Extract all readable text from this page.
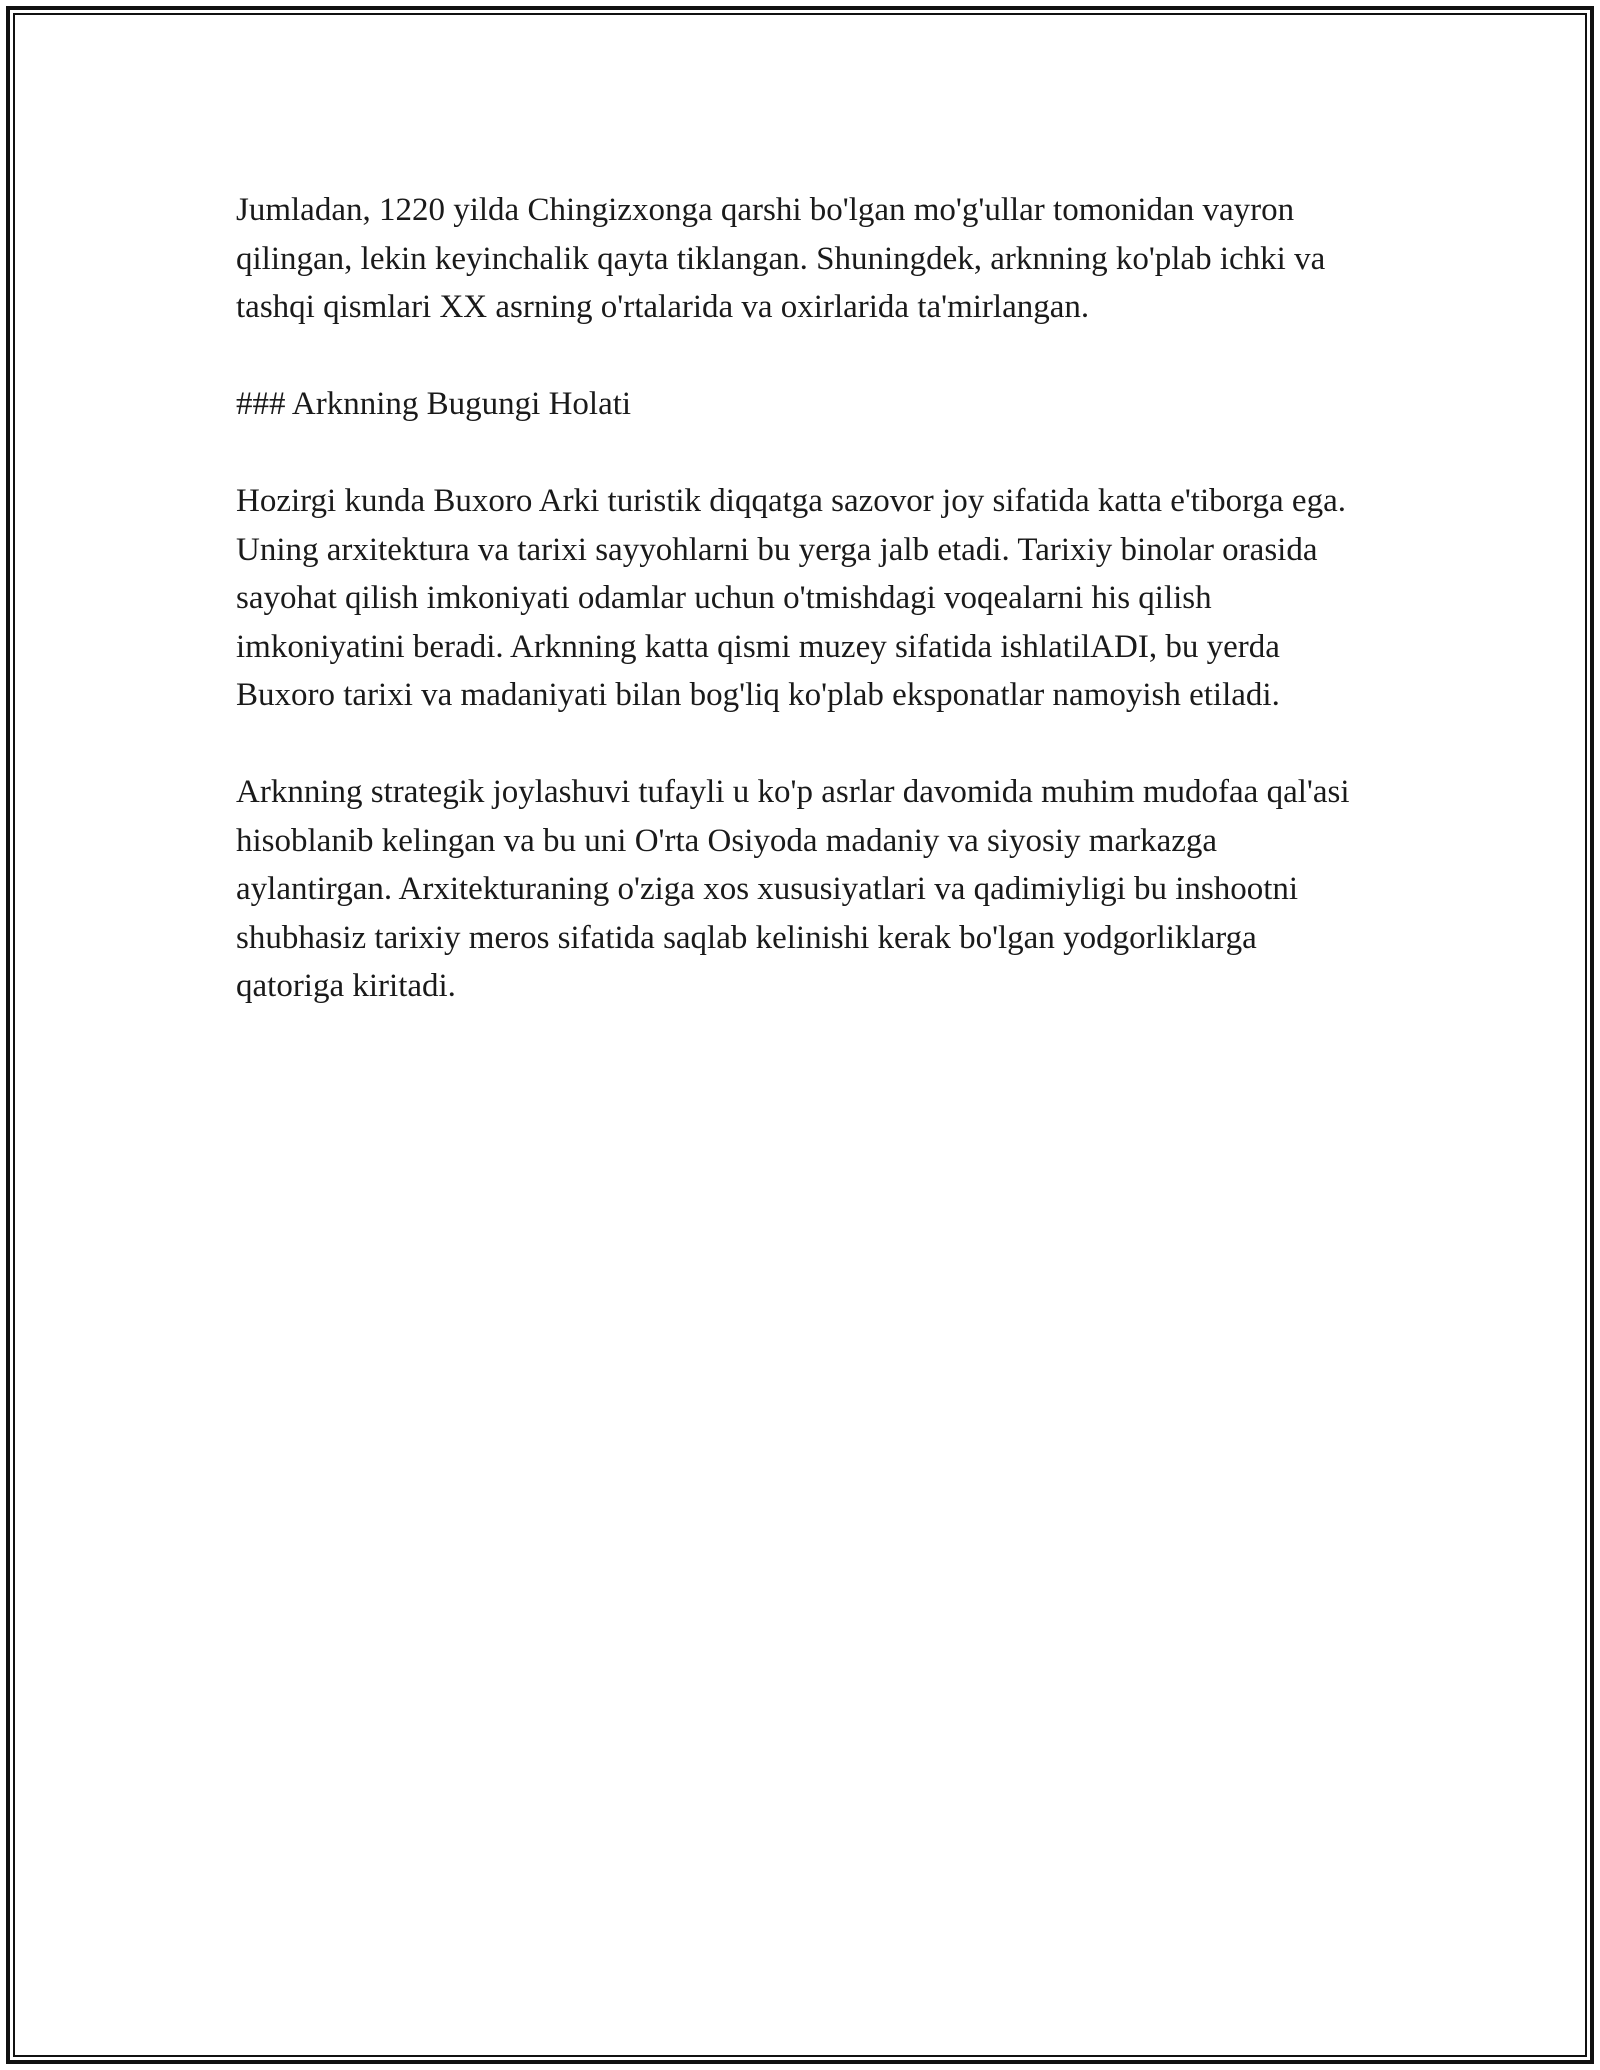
Jumladan, 1220 yilda Chingizxonga qarshi bo'lgan mo'g'ullar tomonidan vayron qilingan, lekin keyinchalik qayta tiklangan. Shuningdek, arknning ko'plab ichki va tashqi qismlari XX asrning o'rtalarida va oxirlarida ta'mirlangan.

### Arknning Bugungi Holati

Hozirgi kunda Buxoro Arki turistik diqqatga sazovor joy sifatida katta e'tiborga ega. Uning arxitektura va tarixi sayyohlarni bu yerga jalb etadi. Tarixiy binolar orasida sayohat qilish imkoniyati odamlar uchun o'tmishdagi voqealarni his qilish imkoniyatini beradi. Arknning katta qismi muzey sifatida ishlatilADI, bu yerda Buxoro tarixi va madaniyati bilan bog'liq ko'plab eksponatlar namoyish etiladi.

Arknning strategik joylashuvi tufayli u ko'p asrlar davomida muhim mudofaa qal'asi hisoblanib kelingan va bu uni O'rta Osiyoda madaniy va siyosiy markazga aylantirgan. Arxitekturaning o'ziga xos xususiyatlari va qadimiyligi bu inshootni shubhasiz tarixiy meros sifatida saqlab kelinishi kerak bo'lgan yodgorliklarga qatoriga kiritadi.
